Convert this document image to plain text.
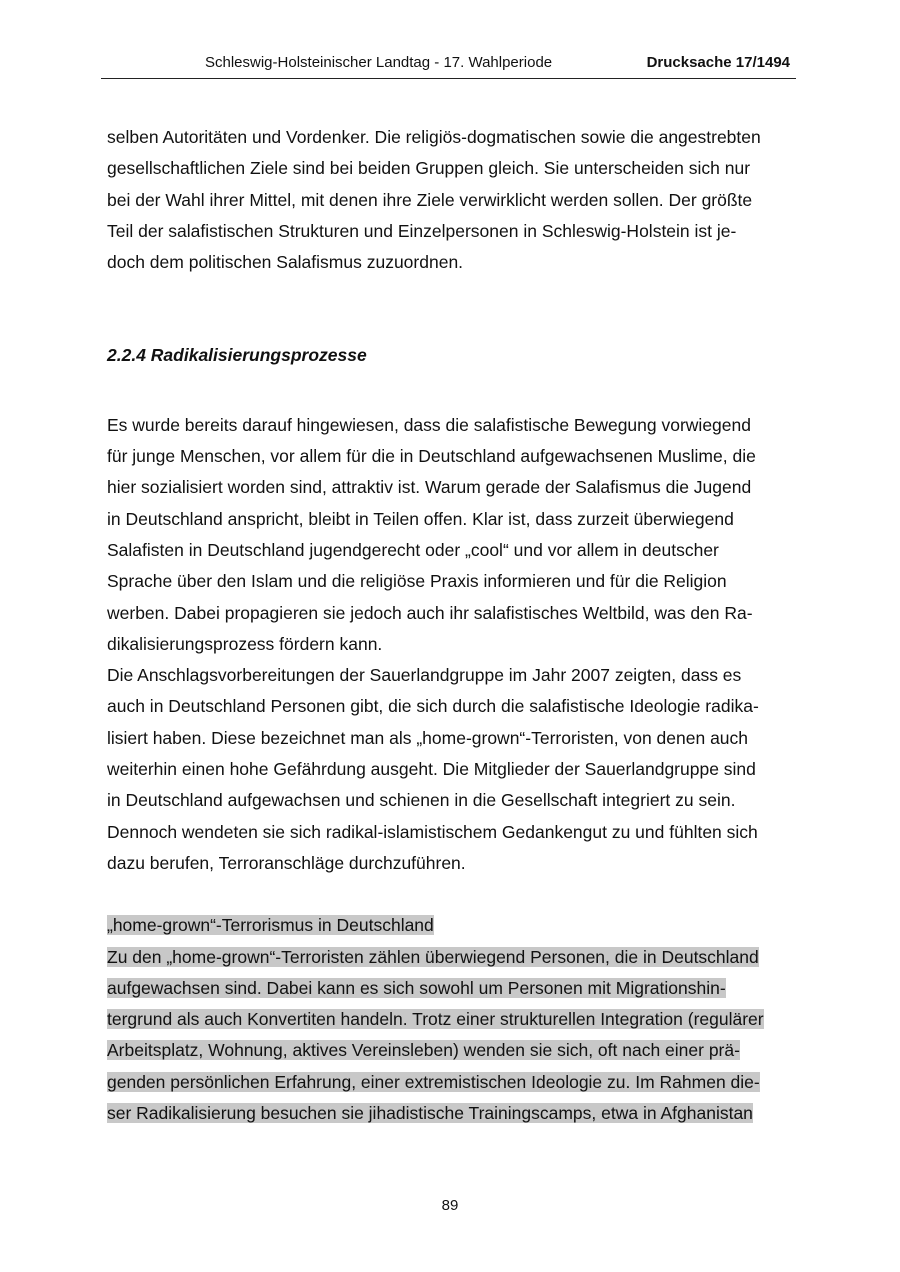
Schleswig-Holsteinischer Landtag - 17. Wahlperiode	Drucksache 17/1494
selben Autoritäten und Vordenker. Die religiös-dogmatischen sowie die angestrebten
gesellschaftlichen Ziele sind bei beiden Gruppen gleich. Sie unterscheiden sich nur
bei der Wahl ihrer Mittel, mit denen ihre Ziele verwirklicht werden sollen. Der größte
Teil der salafistischen Strukturen und Einzelpersonen in Schleswig-Holstein ist je-
doch dem politischen Salafismus zuzuordnen.
2.2.4 Radikalisierungsprozesse
Es wurde bereits darauf hingewiesen, dass die salafistische Bewegung vorwiegend
für junge Menschen, vor allem für die in Deutschland aufgewachsenen Muslime, die
hier sozialisiert worden sind, attraktiv ist. Warum gerade der Salafismus die Jugend
in Deutschland anspricht, bleibt in Teilen offen. Klar ist, dass zurzeit überwiegend
Salafisten in Deutschland jugendgerecht oder „cool“ und vor allem in deutscher
Sprache über den Islam und die religiöse Praxis informieren und für die Religion
werben. Dabei propagieren sie jedoch auch ihr salafistisches Weltbild, was den Ra-
dikalisierungsprozess fördern kann.
Die Anschlagsvorbereitungen der Sauerlandgruppe im Jahr 2007 zeigten, dass es
auch in Deutschland Personen gibt, die sich durch die salafistische Ideologie radika-
lisiert haben. Diese bezeichnet man als „home-grown“-Terroristen, von denen auch
weiterhin einen hohe Gefährdung ausgeht. Die Mitglieder der Sauerlandgruppe sind
in Deutschland aufgewachsen und schienen in die Gesellschaft integriert zu sein.
Dennoch wendeten sie sich radikal-islamistischem Gedankengut zu und fühlten sich
dazu berufen, Terroranschläge durchzuführen.
„home-grown“-Terrorismus in Deutschland
Zu den „home-grown“-Terroristen zählen überwiegend Personen, die in Deutschland
aufgewachsen sind. Dabei kann es sich sowohl um Personen mit Migrationshin-
tergrund als auch Konvertiten handeln. Trotz einer strukturellen Integration (regulärer
Arbeitsplatz, Wohnung, aktives Vereinsleben) wenden sie sich, oft nach einer prä-
genden persönlichen Erfahrung, einer extremistischen Ideologie zu. Im Rahmen die-
ser Radikalisierung besuchen sie jihadistische Trainingscamps, etwa in Afghanistan
89
